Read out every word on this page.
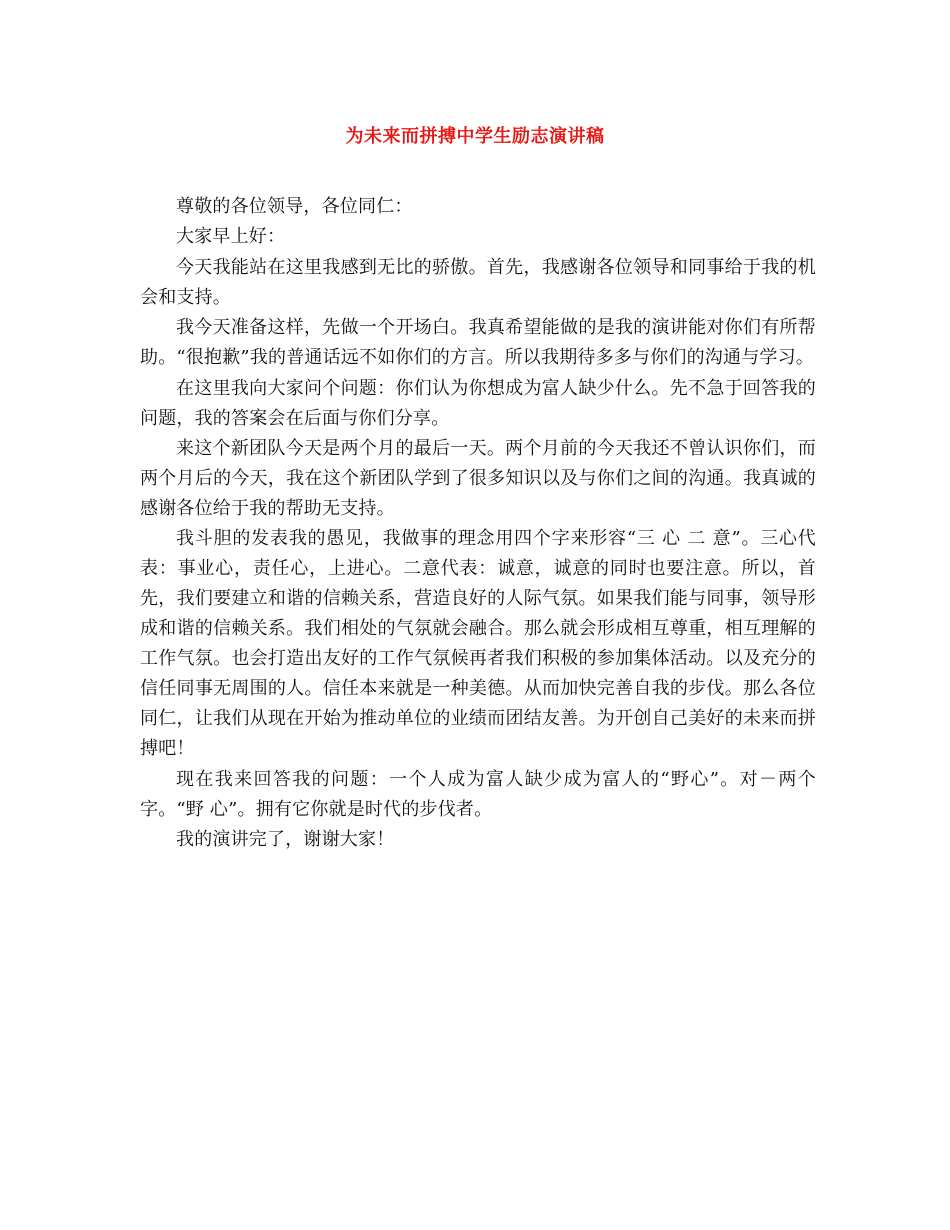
为未来而拼搏中学生励志演讲稿

尊敬的各位领导，各位同仁：

大家早上好：

今天我能站在这里我感到无比的骄傲。首先，我感谢各位领导和同事给于我的机会和支持。

我今天准备这样，先做一个开场白。我真希望能做的是我的演讲能对你们有所帮助。“很抱歉”我的普通话远不如你们的方言。所以我期待多多与你们的沟通与学习。

在这里我向大家问个问题：你们认为你想成为富人缺少什么。先不急于回答我的问题，我的答案会在后面与你们分享。

来这个新团队今天是两个月的最后一天。两个月前的今天我还不曾认识你们，而两个月后的今天，我在这个新团队学到了很多知识以及与你们之间的沟通。我真诚的感谢各位给于我的帮助无支持。

我斗胆的发表我的愚见，我做事的理念用四个字来形容“三 心 二 意”。三心代表：事业心，责任心，上进心。二意代表：诚意，诚意的同时也要注意。所以，首先，我们要建立和谐的信赖关系，营造良好的人际气氛。如果我们能与同事，领导形成和谐的信赖关系。我们相处的气氛就会融合。那么就会形成相互尊重，相互理解的工作气氛。也会打造出友好的工作气氛候再者我们积极的参加集体活动。以及充分的信任同事无周围的人。信任本来就是一种美德。从而加快完善自我的步伐。那么各位同仁，让我们从现在开始为推动单位的业绩而团结友善。为开创自己美好的未来而拼搏吧！

现在我来回答我的问题：一个人成为富人缺少成为富人的“野心”。对－两个字。“野 心”。拥有它你就是时代的步伐者。

我的演讲完了，谢谢大家！
